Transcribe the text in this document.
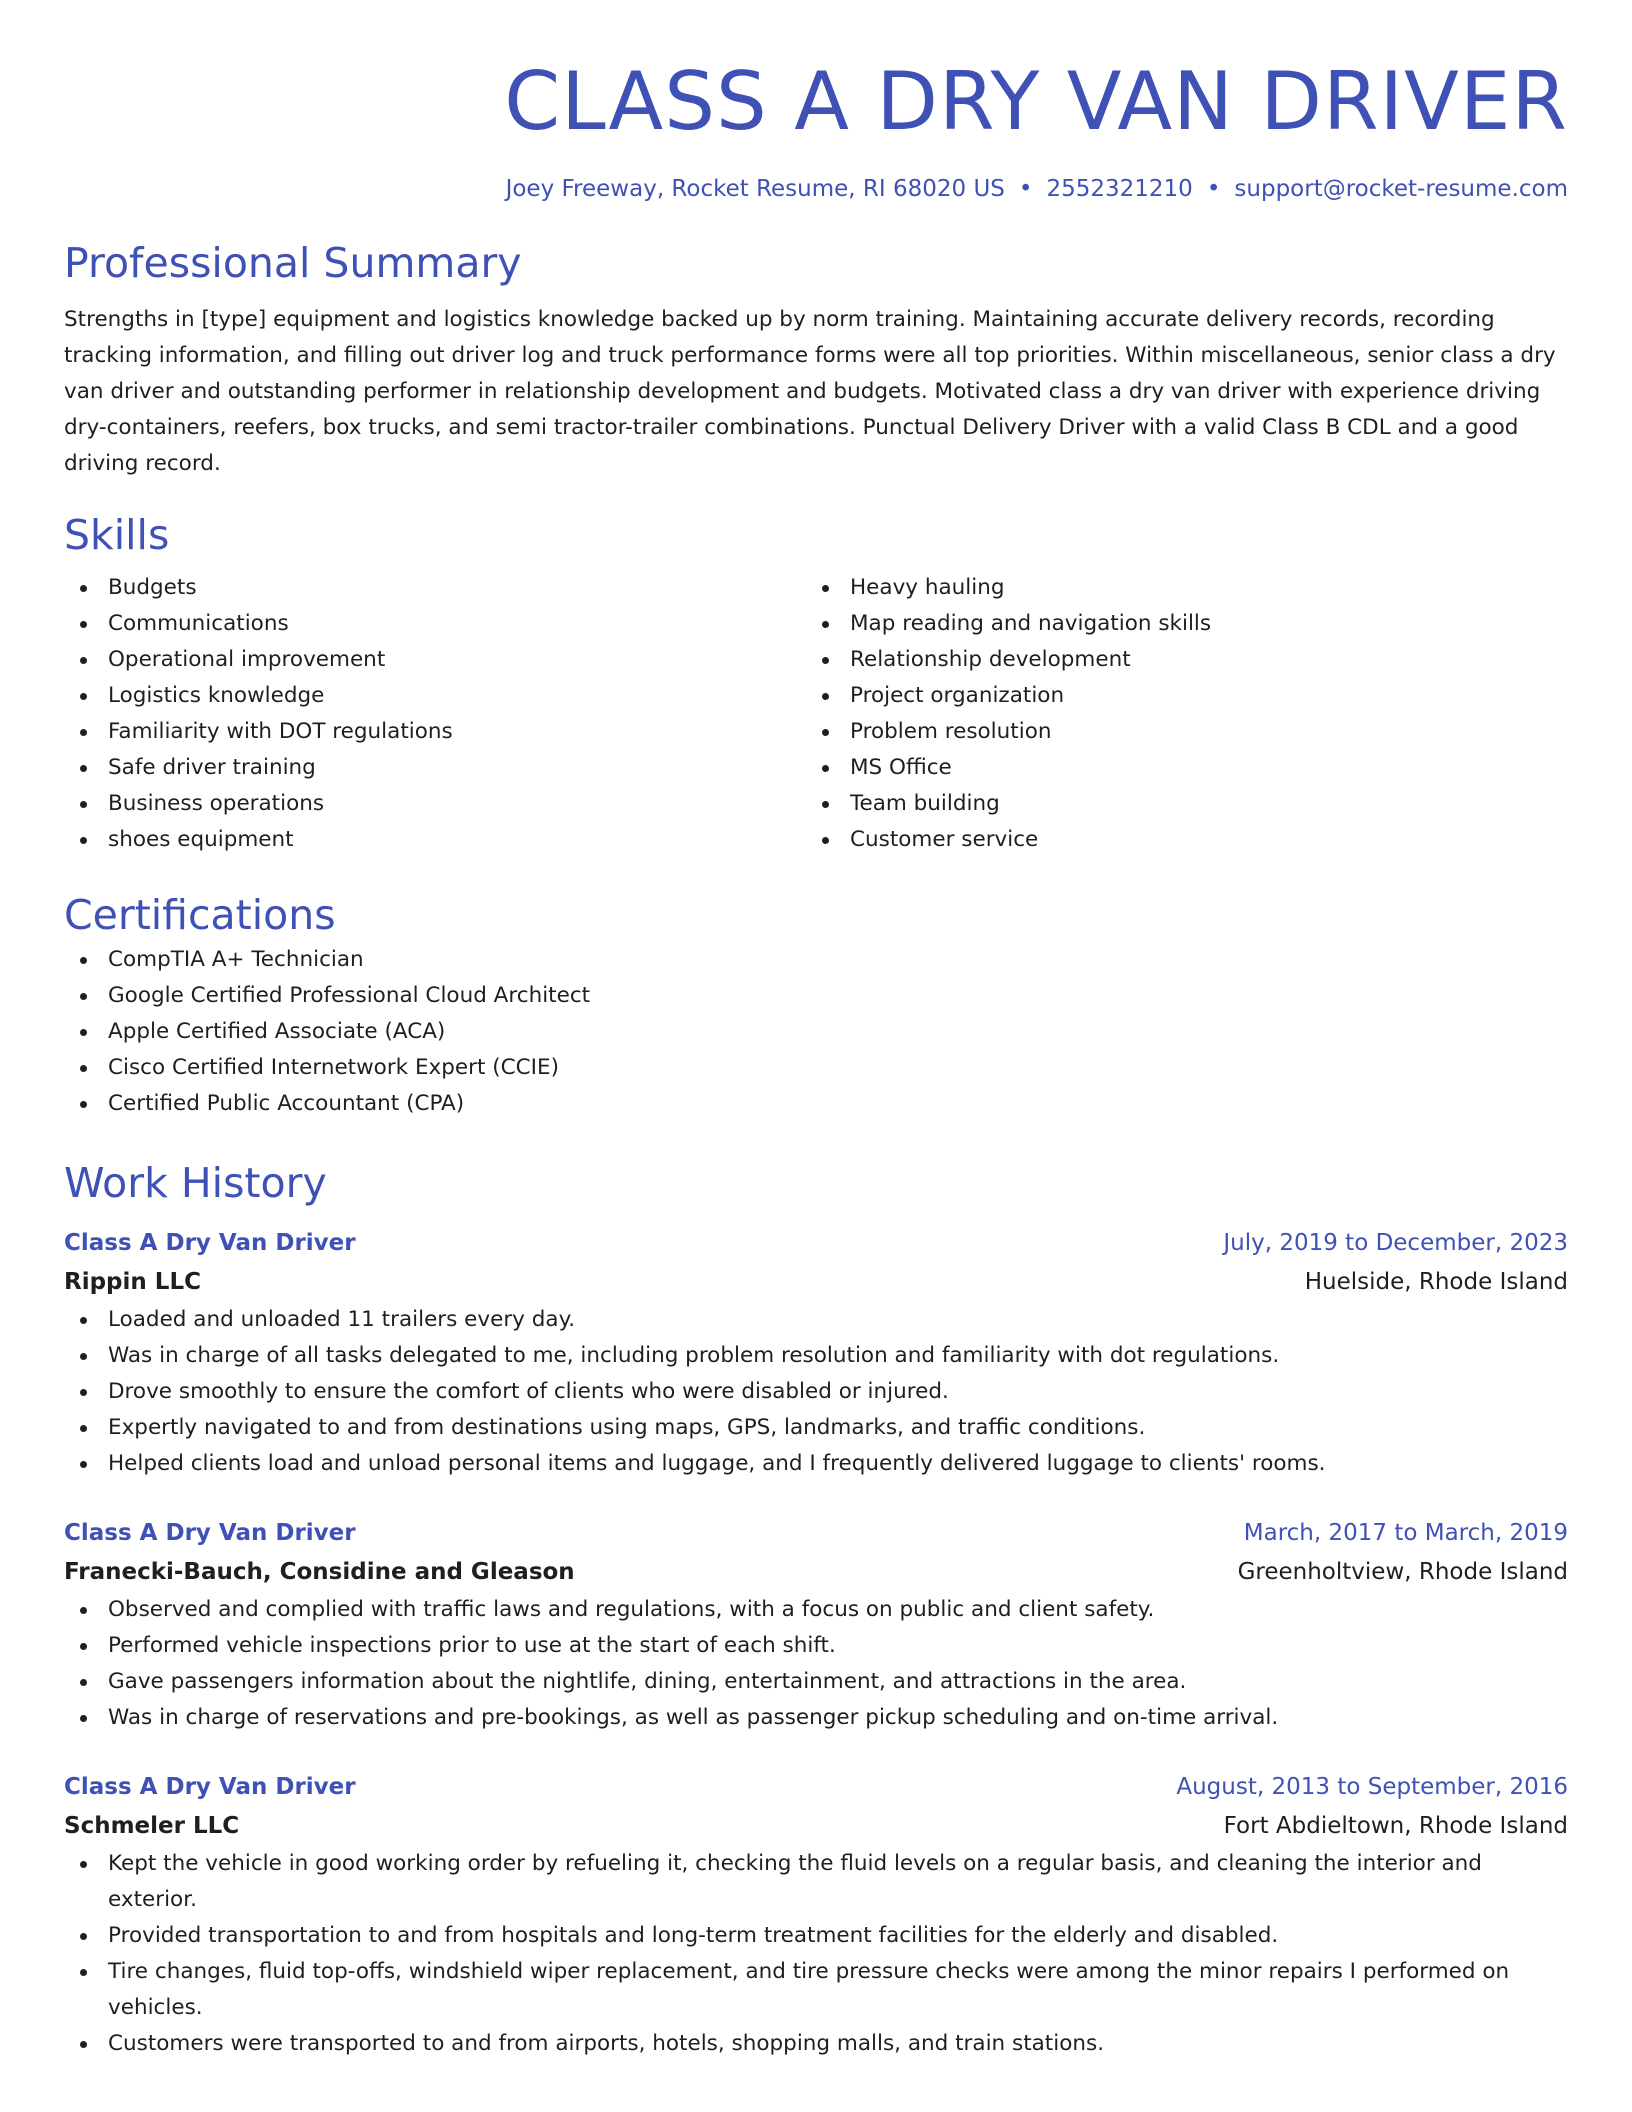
CLASS A DRY VAN DRIVER
Joey Freeway, Rocket Resume, RI 68020 US • 2552321210 • support@rocket-resume.com
Professional Summary
Strengths in [type] equipment and logistics knowledge backed up by norm training. Maintaining accurate delivery records, recording tracking information, and filling out driver log and truck performance forms were all top priorities. Within miscellaneous, senior class a dry van driver and outstanding performer in relationship development and budgets. Motivated class a dry van driver with experience driving dry-containers, reefers, box trucks, and semi tractor-trailer combinations. Punctual Delivery Driver with a valid Class B CDL and a good driving record.
Skills
Budgets
Communications
Operational improvement
Logistics knowledge
Familiarity with DOT regulations
Safe driver training
Business operations
shoes equipment
Heavy hauling
Map reading and navigation skills
Relationship development
Project organization
Problem resolution
MS Office
Team building
Customer service
Certifications
CompTIA A+ Technician
Google Certified Professional Cloud Architect
Apple Certified Associate (ACA)
Cisco Certified Internetwork Expert (CCIE)
Certified Public Accountant (CPA)
Work History
Class A Dry Van Driver	July, 2019 to December, 2023
Rippin LLC	Huelside, Rhode Island
Loaded and unloaded 11 trailers every day.
Was in charge of all tasks delegated to me, including problem resolution and familiarity with dot regulations.
Drove smoothly to ensure the comfort of clients who were disabled or injured.
Expertly navigated to and from destinations using maps, GPS, landmarks, and traffic conditions.
Helped clients load and unload personal items and luggage, and I frequently delivered luggage to clients' rooms.
Class A Dry Van Driver	March, 2017 to March, 2019
Franecki-Bauch, Considine and Gleason	Greenholtview, Rhode Island
Observed and complied with traffic laws and regulations, with a focus on public and client safety.
Performed vehicle inspections prior to use at the start of each shift.
Gave passengers information about the nightlife, dining, entertainment, and attractions in the area.
Was in charge of reservations and pre-bookings, as well as passenger pickup scheduling and on-time arrival.
Class A Dry Van Driver	August, 2013 to September, 2016
Schmeler LLC	Fort Abdieltown, Rhode Island
Kept the vehicle in good working order by refueling it, checking the fluid levels on a regular basis, and cleaning the interior and exterior.
Provided transportation to and from hospitals and long-term treatment facilities for the elderly and disabled.
Tire changes, fluid top-offs, windshield wiper replacement, and tire pressure checks were among the minor repairs I performed on vehicles.
Customers were transported to and from airports, hotels, shopping malls, and train stations.
